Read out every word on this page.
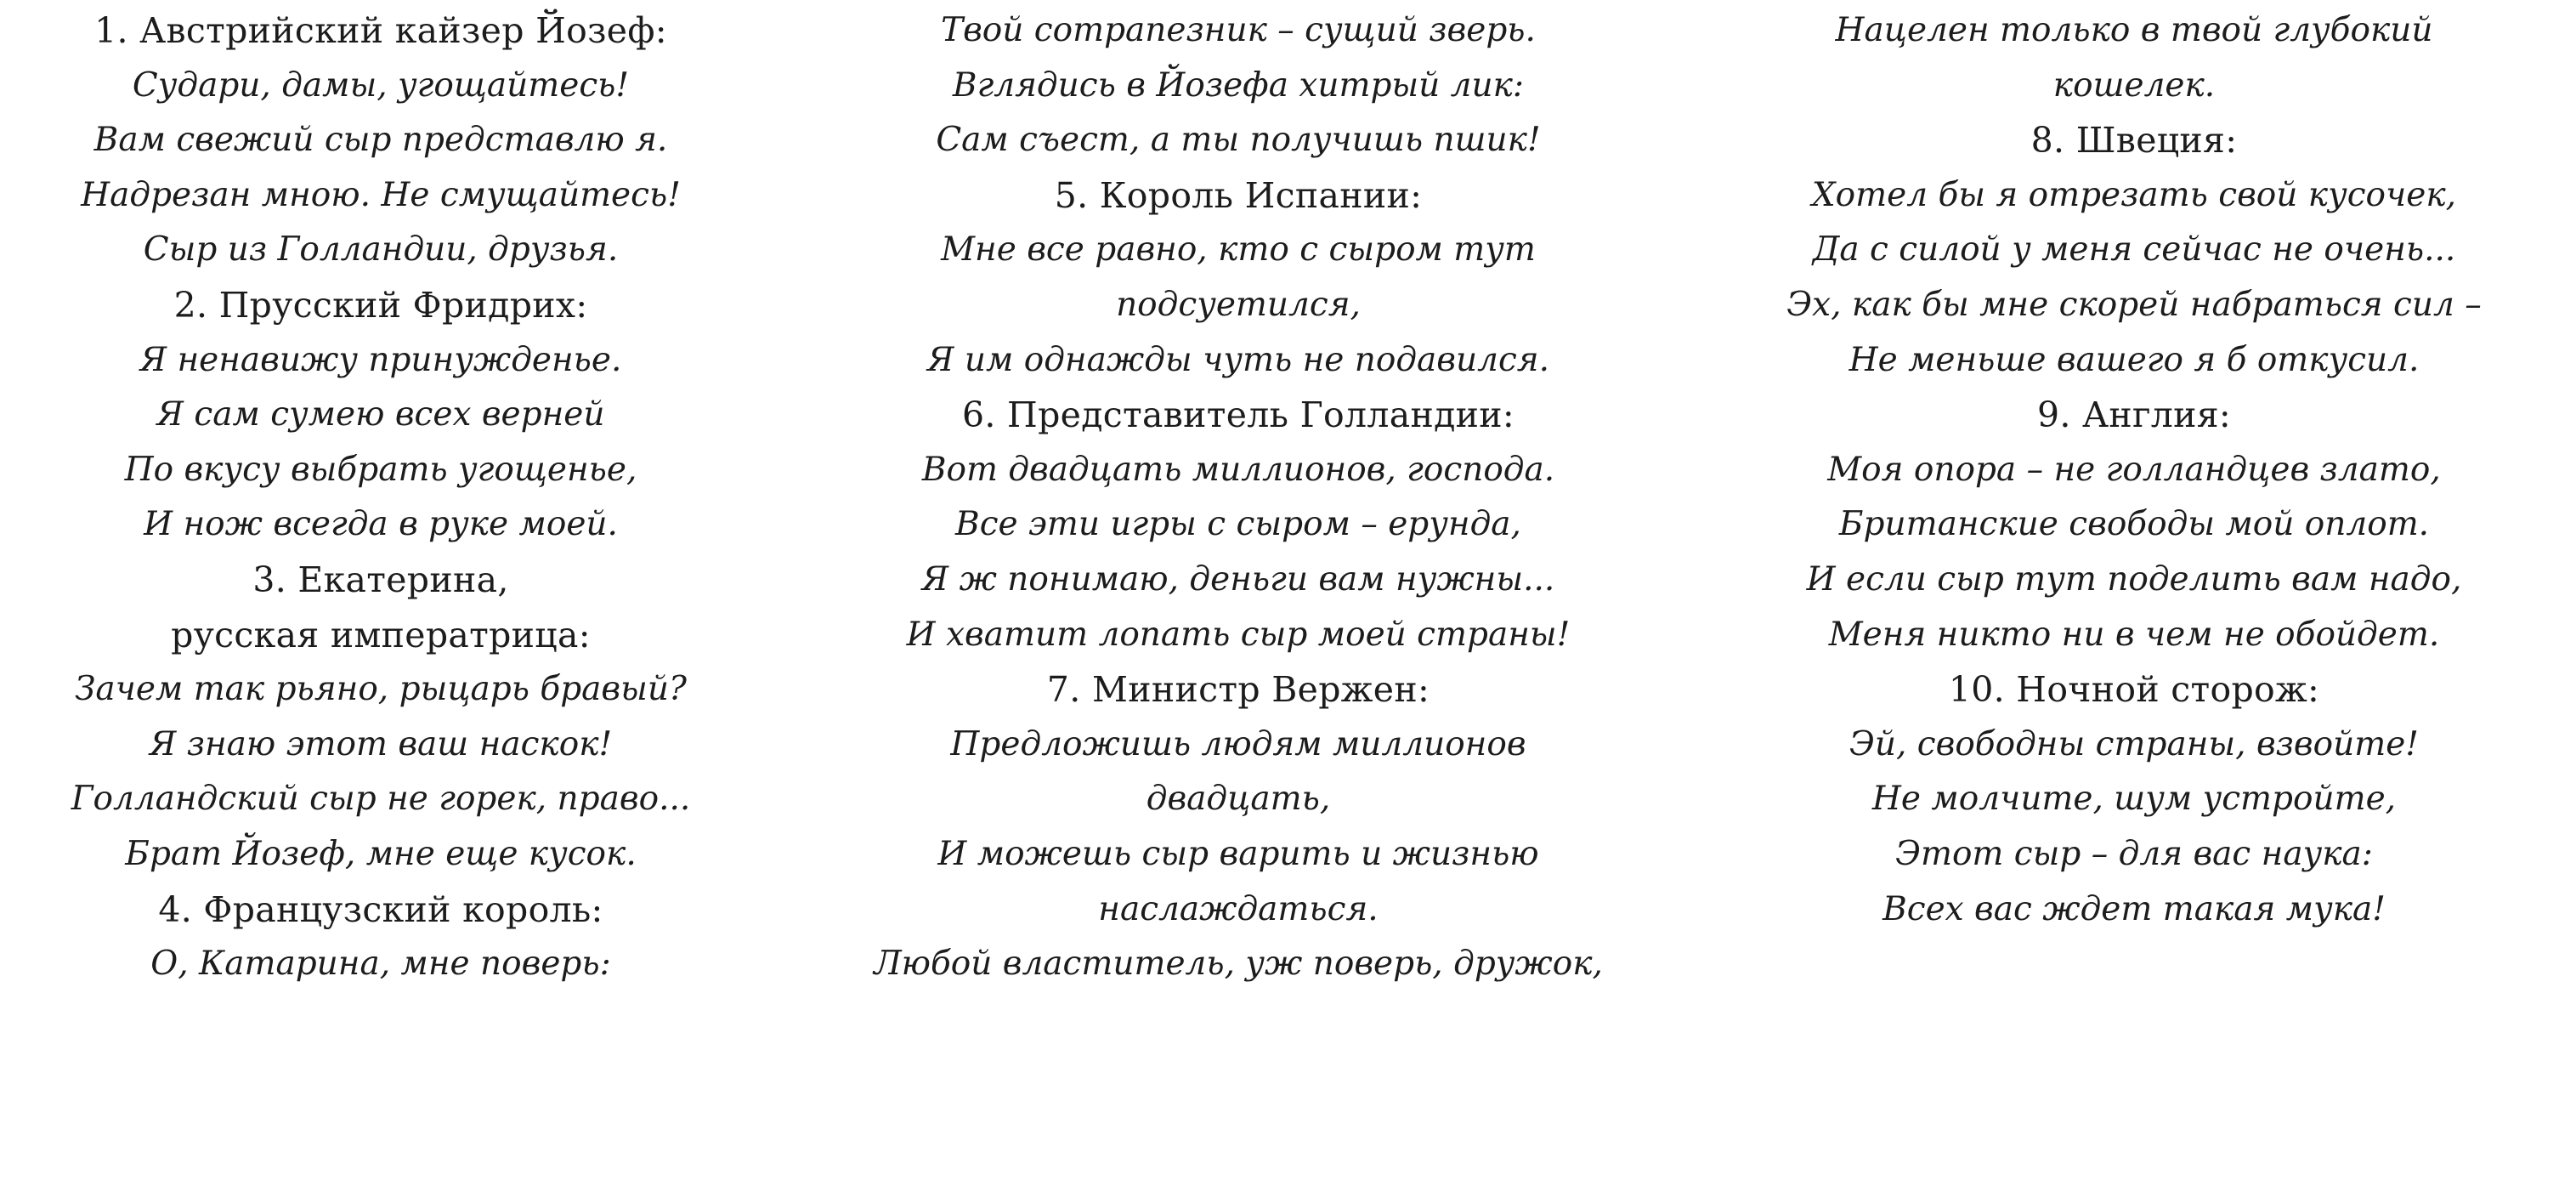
1. Австрийский кайзер Йозеф:

Судари, дамы, угощайтесь!

Вам свежий сыр представлю я.

Надрезан мною. Не смущайтесь!

Сыр из Голландии, друзья.

2. Прусский Фридрих:

Я ненавижу принужденье.

Я сам сумею всех верней

По вкусу выбрать угощенье,

И нож всегда в руке моей.

3. Екатерина,

русская императрица:

Зачем так рьяно, рыцарь бравый?

Я знаю этот ваш наскок!

Голландский сыр не горек, право...

Брат Йозеф, мне еще кусок.

4. Французский король:

О, Катарина, мне поверь:

Твой сотрапезник – сущий зверь.

Вглядись в Йозефа хитрый лик:

Сам съест, а ты получишь пшик!

5. Король Испании:

Мне все равно, кто с сыром тут

подсуетился,

Я им однажды чуть не подавился.

6. Представитель Голландии:

Вот двадцать миллионов, господа.

Все эти игры с сыром – ерунда,

Я ж понимаю, деньги вам нужны...

И хватит лопать сыр моей страны!

7. Министр Вержен:

Предложишь людям миллионов

двадцать,

И можешь сыр варить и жизнью

наслаждаться.

Любой властитель, уж поверь, дружок,

Нацелен только в твой глубокий

кошелек.

8. Швеция:

Хотел бы я отрезать свой кусочек,

Да с силой у меня сейчас не очень...

Эх, как бы мне скорей набраться сил –

Не меньше вашего я б откусил.

9. Англия:

Моя опора – не голландцев злато,

Британские свободы мой оплот.

И если сыр тут поделить вам надо,

Меня никто ни в чем не обойдет.

10. Ночной сторож:

Эй, свободны страны, взвойте!

Не молчите, шум устройте,

Этот сыр – для вас наука:

Всех вас ждет такая мука!
